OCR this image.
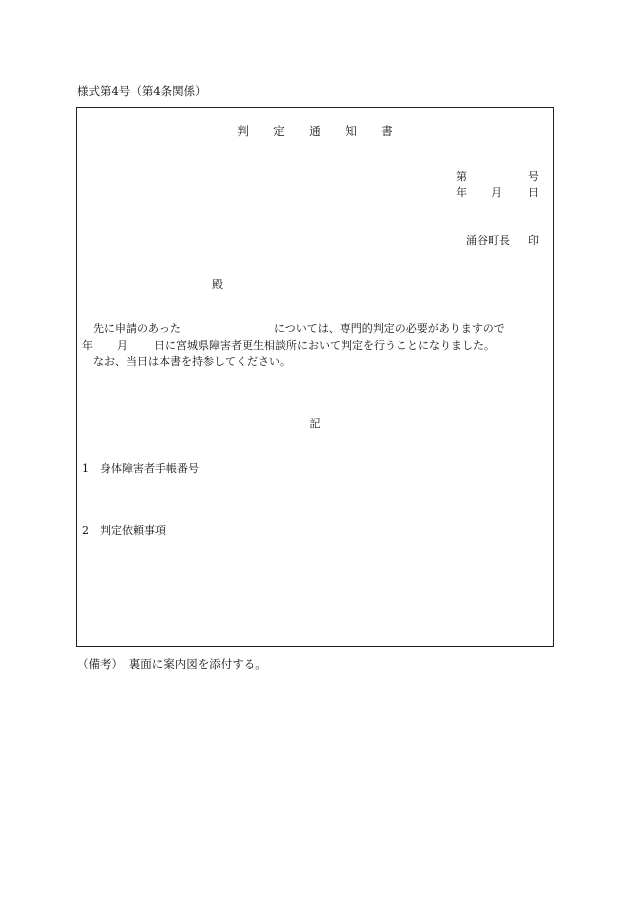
様式第4号（第4条関係）
判 定 通 知 書
第	号
年 月 日
涌谷町長 印
殿
先に申請のあった	については、専門的判定の必要がありますので
年 月 日に宮城県障害者更生相談所において判定を行うことになりました。
なお、当日は本書を持参してください。
記
1 身体障害者手帳番号
2 判定依頼事項
（備考）　裏面に案内図を添付する。
